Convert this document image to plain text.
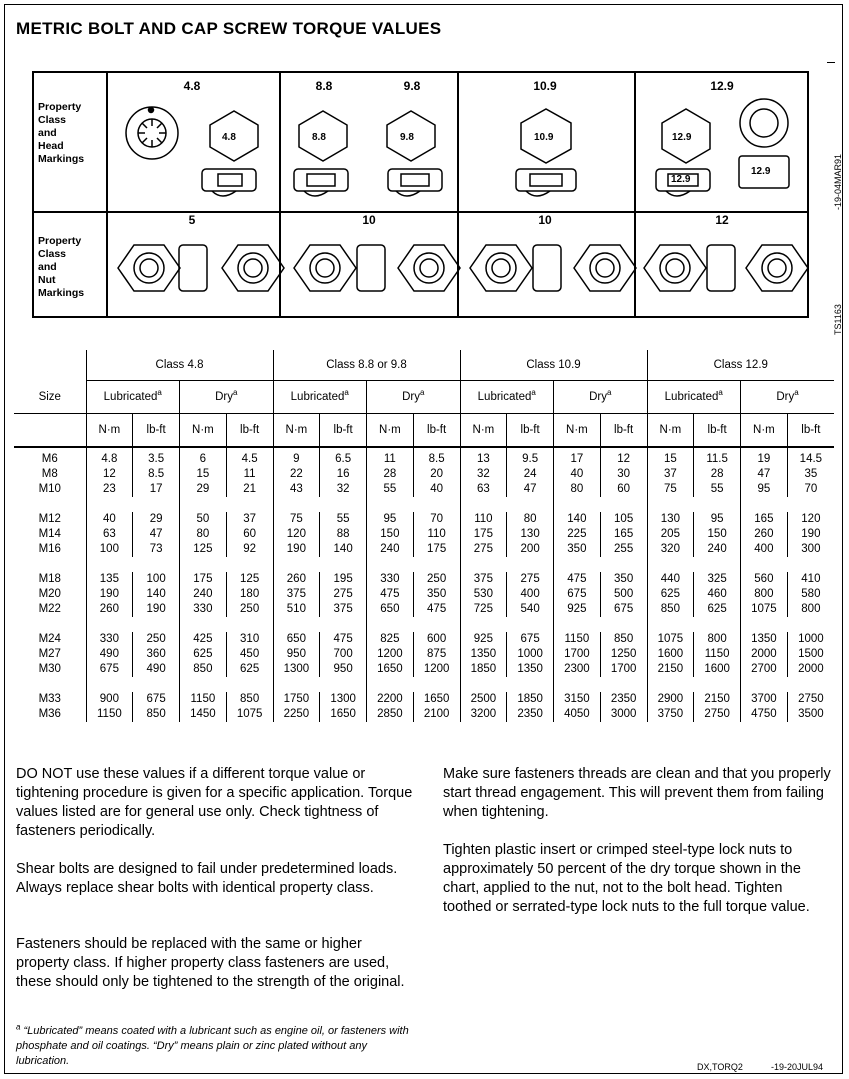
METRIC BOLT AND CAP SCREW TORQUE VALUES
Property
Class
and
Head
Markings
Property
Class
and
Nut
Markings
4.8	8.8	9.8	10.9	12.9
5	10	10	12
4.8	8.8	9.8	10.9	12.9
12.9
12.9	-19-04MAR91
TS1163
Size	Class 4.8				Class 8.8 or 9.8				Class 10.9				Class 12.9			
	Lubricated$^a$		Dry$^a$		Lubricated$^a$		Dry$^a$		Lubricated$^a$		Dry$^a$		Lubricated$^a$		Dry$^a$
	N·m	lb-ft	N·m	lb-ft	N·m	lb-ft	N·m	lb-ft	N·m	lb-ft	N·m	lb-ft	N·m	lb-ft	N·m	lb-ft
M6	4.8	3.5	6	4.5	9	6.5	11	8.5	13	9.5	17	12	15	11.5	19	14.5
M8	12	8.5	15	11	22	16	28	20	32	24	40	30	37	28	47	35
M10	23	17	29	21	43	32	55	40	63	47	80	60	75	55	95	70

M12	40	29	50	37	75	55	95	70	110	80	140	105	130	95	165	120
M14	63	47	80	60	120	88	150	110	175	130	225	165	205	150	260	190
M16	100	73	125	92	190	140	240	175	275	200	350	255	320	240	400	300

M18	135	100	175	125	260	195	330	250	375	275	475	350	440	325	560	410
M20	190	140	240	180	375	275	475	350	530	400	675	500	625	460	800	580
M22	260	190	330	250	510	375	650	475	725	540	925	675	850	625	1075	800

M24	330	250	425	310	650	475	825	600	925	675	1150	850	1075	800	1350	1000
M27	490	360	625	450	950	700	1200	875	1350	1000	1700	1250	1600	1150	2000	1500
M30	675	490	850	625	1300	950	1650	1200	1850	1350	2300	1700	2150	1600	2700	2000

M33	900	675	1150	850	1750	1300	2200	1650	2500	1850	3150	2350	2900	2150	3700	2750
M36	1150	850	1450	1075	2250	1650	2850	2100	3200	2350	4050	3000	3750	2750	4750	3500
DO NOT use these values if a different torque value or tightening procedure is given for a specific application. Torque values listed are for general use only. Check tightness of fasteners periodically.
Shear bolts are designed to fail under predetermined loads. Always replace shear bolts with identical property class.
Fasteners should be replaced with the same or higher property class. If higher property class fasteners are used, these should only be tightened to the strength of the original.
Make sure fasteners threads are clean and that you properly start thread engagement. This will prevent them from failing when tightening.
Tighten plastic insert or crimped steel-type lock nuts to approximately 50 percent of the dry torque shown in the chart, applied to the nut, not to the bolt head. Tighten toothed or serrated-type lock nuts to the full torque value.
$^a$ “Lubricated” means coated with a lubricant such as engine oil, or fasteners with phosphate and oil coatings. “Dry” means plain or zinc plated without any lubrication.	DX,TORQ2	-19-20JUL94
